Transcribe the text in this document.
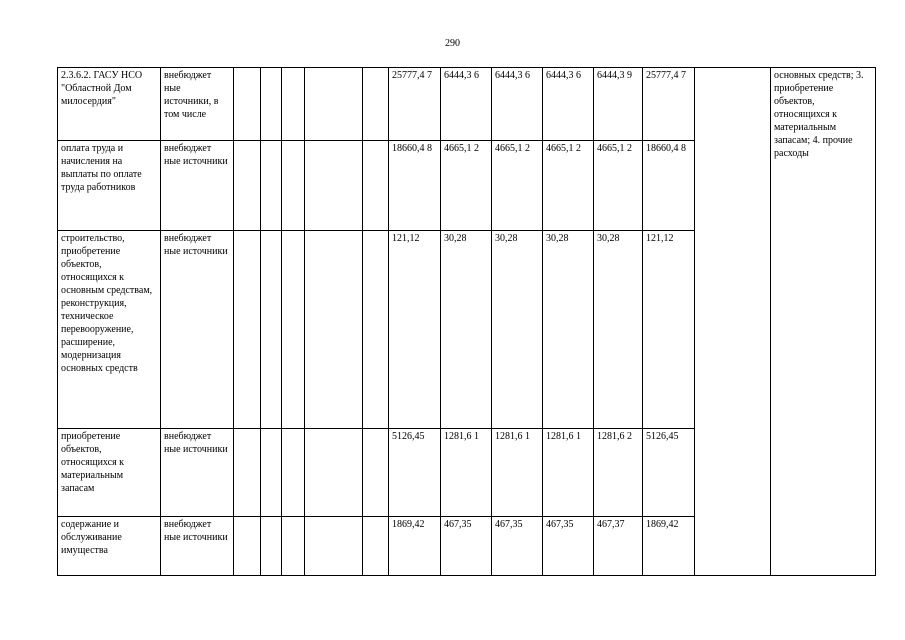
290
2.3.6.2. ГАСУ НСО "Областной Дом милосердия"	внебюджет ные источники, в том числе						25777,4 7	6444,3 6	6444,3 6	6444,3 6	6444,3 9	25777,4 7		основных средств; 3. приобретение объектов, относящихся к материальным запасам; 4. прочие расходы
оплата труда и начисления на выплаты по оплате труда работников	внебюджет ные источники						18660,4 8	4665,1 2	4665,1 2	4665,1 2	4665,1 2	18660,4 8		
строительство, приобретение объектов, относящихся к основным средствам, реконструкция, техническое перевооружение, расширение, модернизация основных средств	внебюджет ные источники						121,12	30,28	30,28	30,28	30,28	121,12		
приобретение объектов, относящихся к материальным запасам	внебюджет ные источники						5126,45	1281,6 1	1281,6 1	1281,6 1	1281,6 2	5126,45		
содержание и обслуживание имущества	внебюджет ные источники						1869,42	467,35	467,35	467,35	467,37	1869,42		
